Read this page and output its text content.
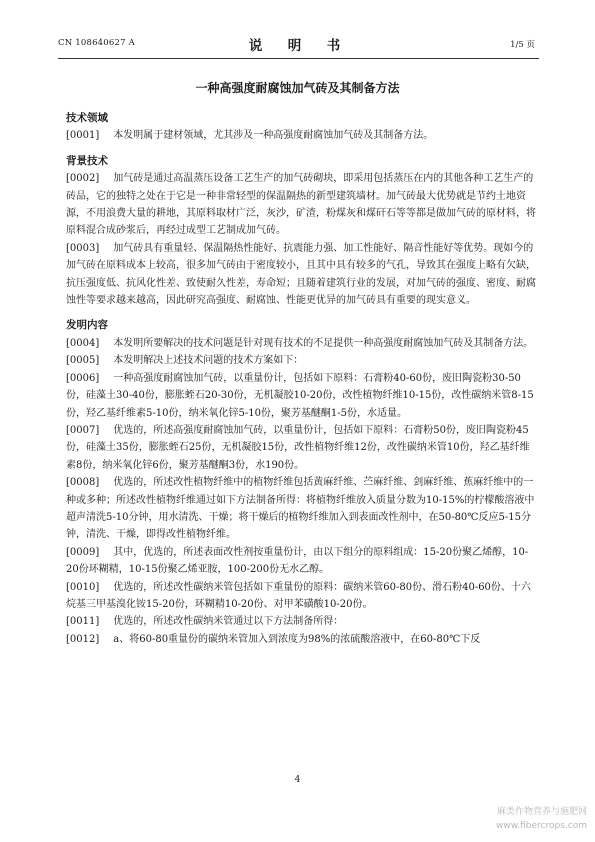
CN 108640627 A	说　明　书	1/5 页
一种高强度耐腐蚀加气砖及其制备方法
技术领域
[0001] 本发明属于建材领域，尤其涉及一种高强度耐腐蚀加气砖及其制备方法。
背景技术
[0002] 加气砖是通过高温蒸压设备工艺生产的加气砖砌块，即采用包括蒸压在内的其他各种工艺生产的砖品，它的独特之处在于它是一种非常轻型的保温隔热的新型建筑墙材。加气砖最大优势就是节约土地资源，不用浪费大量的耕地，其原料取材广泛，灰沙，矿渣，粉煤灰和煤矸石等等都是做加气砖的原材料，将原料混合成砂浆后，再经过成型工艺制成加气砖。
[0003] 加气砖具有重量轻、保温隔热性能好、抗震能力强、加工性能好、隔音性能好等优势。现如今的加气砖在原料成本上较高，很多加气砖由于密度较小，且其中具有较多的气孔，导致其在强度上略有欠缺，抗压强度低、抗风化性差、致使耐久性差，寿命短；且随着建筑行业的发展，对加气砖的强度、密度、耐腐蚀性等要求越来越高，因此研究高强度、耐腐蚀、性能更优异的加气砖具有重要的现实意义。
发明内容
[0004] 本发明所要解决的技术问题是针对现有技术的不足提供一种高强度耐腐蚀加气砖及其制备方法。
[0005] 本发明解决上述技术问题的技术方案如下：
[0006] 一种高强度耐腐蚀加气砖，以重量份计，包括如下原料：石膏粉40-60份，废旧陶瓷粉30-50份，硅藻土30-40份，膨胀蛭石20-30份，无机凝胶10-20份，改性植物纤维10-15份，改性碳纳米管8-15份，羟乙基纤维素5-10份，纳米氧化锌5-10份，聚芳基醚酮1-5份，水适量。
[0007] 优选的，所述高强度耐腐蚀加气砖，以重量份计，包括如下原料：石膏粉50份，废旧陶瓷粉45份，硅藻土35份，膨胀蛭石25份，无机凝胶15份，改性植物纤维12份，改性碳纳米管10份，羟乙基纤维素8份，纳米氧化锌6份，聚芳基醚酮3份，水190份。
[0008] 优选的，所述改性植物纤维中的植物纤维包括黄麻纤维、苎麻纤维、剑麻纤维、蕉麻纤维中的一种或多种；所述改性植物纤维通过如下方法制备所得：将植物纤维放入质量分数为10-15%的柠檬酸溶液中超声清洗5-10分钟，用水清洗、干燥；将干燥后的植物纤维加入到表面改性剂中，在50-80℃反应5-15分钟，清洗、干燥，即得改性植物纤维。
[0009] 其中，优选的，所述表面改性剂按重量份计，由以下组分的原料组成：15-20份聚乙烯醇，10-20份环糊精，10-15份聚乙烯亚胺，100-200份无水乙醇。
[0010] 优选的，所述改性碳纳米管包括如下重量份的原料：碳纳米管60-80份、滑石粉40-60份、十六烷基三甲基溴化铵15-20份，环糊精10-20份、对甲苯磺酸10-20份。
[0011] 优选的，所述改性碳纳米管通过以下方法制备所得：
[0012] a、将60-80重量份的碳纳米管加入到浓度为98%的浓硫酸溶液中，在60-80℃下反
4
麻类作物营养与施肥网
www.fibercrops.com
